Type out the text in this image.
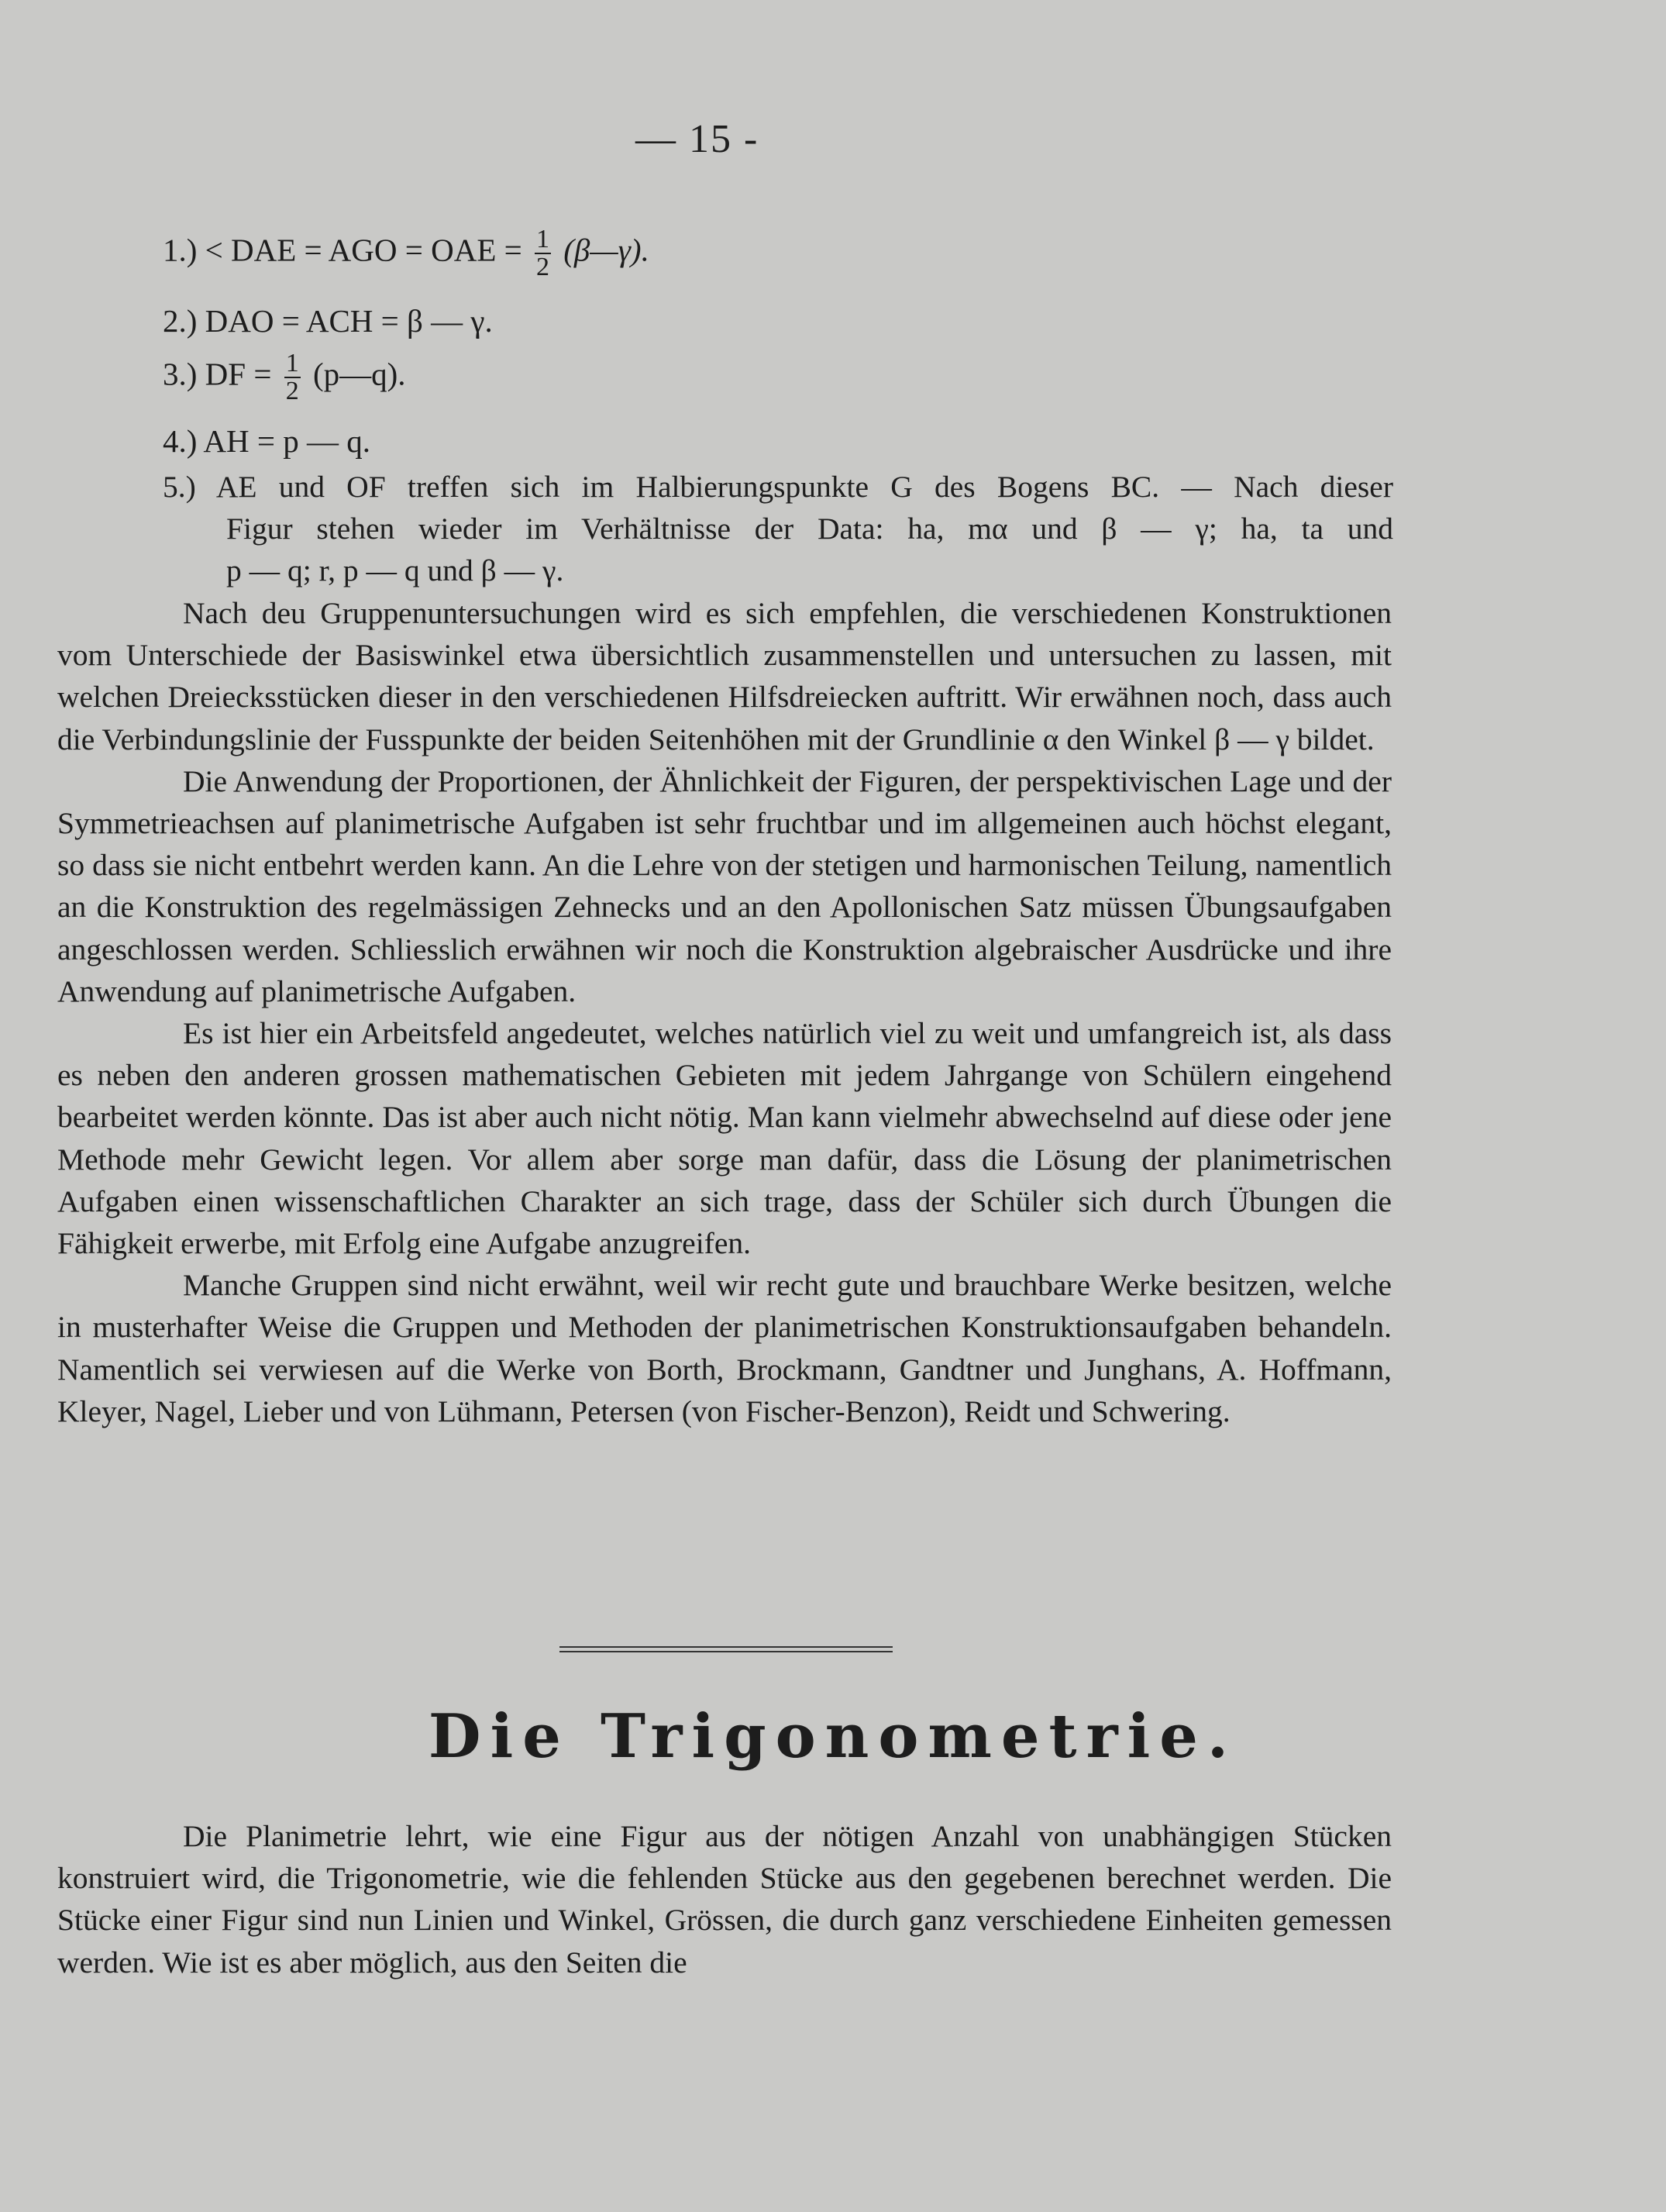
— 15 -
1.) < DAE = AGO = OAE = $\frac{1}{2}$ (β—γ).
2.) DAO = ACH = β — γ.
3.) DF = $\frac{1}{2}$ (p—q).
4.) AH = p — q.
5.) AE und OF treffen sich im Halbierungspunkte G des Bogens BC. — Nach dieser
Figur stehen wieder im Verhältnisse der Data: ha, mα und β — γ; ha, ta und
p — q; r, p — q und β — γ.

Nach deu Gruppenuntersuchungen wird es sich empfehlen, die verschiedenen Konstruktionen vom Unterschiede der Basiswinkel etwa übersichtlich zusammenstellen und untersuchen zu lassen, mit welchen Dreiecksstücken dieser in den verschiedenen Hilfsdreiecken auftritt. Wir erwähnen noch, dass auch die Verbindungslinie der Fusspunkte der beiden Seitenhöhen mit der Grundlinie α den Winkel β — γ bildet.

Die Anwendung der Proportionen, der Ähnlichkeit der Figuren, der perspektivischen Lage und der Symmetrieachsen auf planimetrische Aufgaben ist sehr fruchtbar und im allgemeinen auch höchst elegant, so dass sie nicht entbehrt werden kann. An die Lehre von der stetigen und harmonischen Teilung, namentlich an die Konstruktion des regelmässigen Zehnecks und an den Apollonischen Satz müssen Übungsaufgaben angeschlossen werden. Schliesslich erwähnen wir noch die Konstruktion algebraischer Ausdrücke und ihre Anwendung auf planimetrische Aufgaben.

Es ist hier ein Arbeitsfeld angedeutet, welches natürlich viel zu weit und umfangreich ist, als dass es neben den anderen grossen mathematischen Gebieten mit jedem Jahrgange von Schülern eingehend bearbeitet werden könnte. Das ist aber auch nicht nötig. Man kann vielmehr abwechselnd auf diese oder jene Methode mehr Gewicht legen. Vor allem aber sorge man dafür, dass die Lösung der planimetrischen Aufgaben einen wissenschaftlichen Charakter an sich trage, dass der Schüler sich durch Übungen die Fähigkeit erwerbe, mit Erfolg eine Aufgabe anzugreifen.

Manche Gruppen sind nicht erwähnt, weil wir recht gute und brauchbare Werke besitzen, welche in musterhafter Weise die Gruppen und Methoden der planimetrischen Konstruktionsaufgaben behandeln. Namentlich sei verwiesen auf die Werke von Borth, Brockmann, Gandtner und Junghans, A. Hoffmann, Kleyer, Nagel, Lieber und von Lühmann, Petersen (von Fischer-Benzon), Reidt und Schwering.

Die Trigonometrie.

Die Planimetrie lehrt, wie eine Figur aus der nötigen Anzahl von unabhängigen Stücken konstruiert wird, die Trigonometrie, wie die fehlenden Stücke aus den gegebenen berechnet werden. Die Stücke einer Figur sind nun Linien und Winkel, Grössen, die durch ganz verschiedene Einheiten gemessen werden. Wie ist es aber möglich, aus den Seiten die
